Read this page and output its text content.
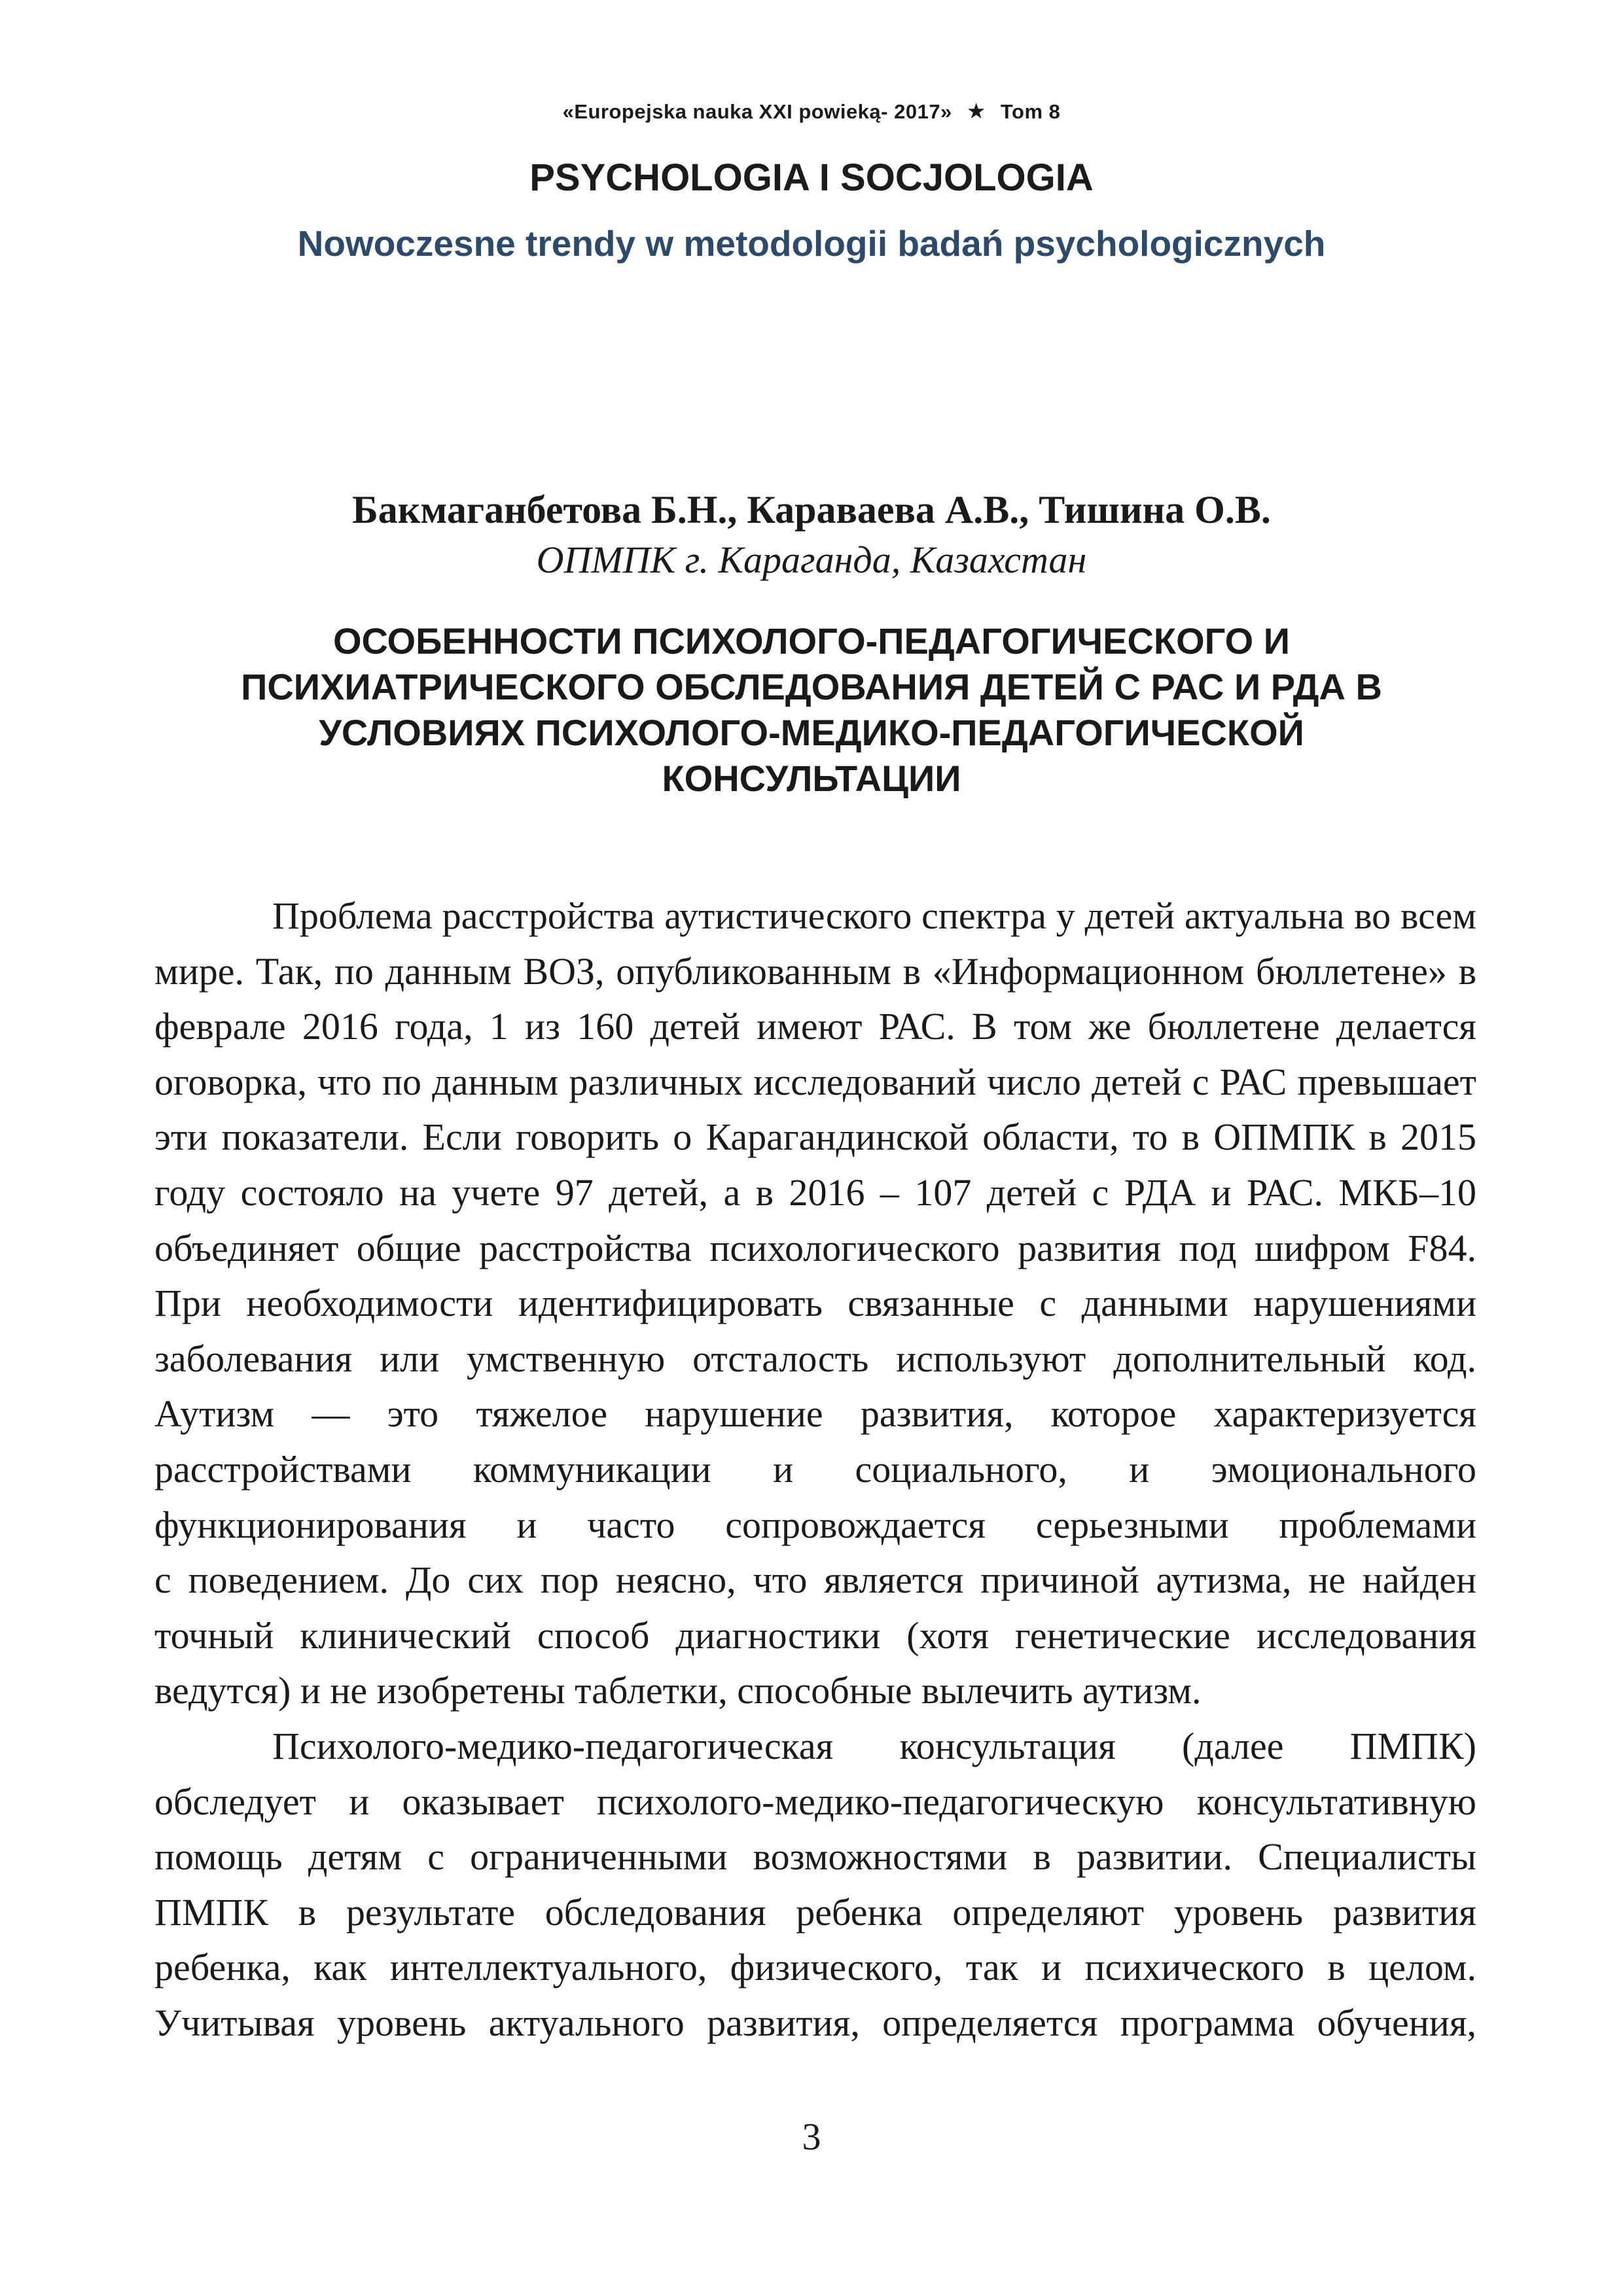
«Europejska nauka XXI powieką- 2017» ★ Tom 8
PSYCHOLOGIA I SOCJOLOGIA
Nowoczesne trendy w metodologii badań psychologicznych
Бакмаганбетова Б.Н., Караваева А.В., Тишина О.В.
ОПМПК г. Караганда, Казахстан
ОСОБЕННОСТИ ПСИХОЛОГО-ПЕДАГОГИЧЕСКОГО И
ПСИХИАТРИЧЕСКОГО ОБСЛЕДОВАНИЯ ДЕТЕЙ С РАС И РДА В
УСЛОВИЯХ ПСИХОЛОГО-МЕДИКО-ПЕДАГОГИЧЕСКОЙ
КОНСУЛЬТАЦИИ
Проблема расстройства аутистического спектра у детей актуальна во всем
мире. Так, по данным ВОЗ, опубликованным в «Информационном бюллетене» в
феврале 2016 года, 1 из 160 детей имеют РАС. В том же бюллетене делается
оговорка, что по данным различных исследований число детей с РАС превышает
эти показатели. Если говорить о Карагандинской области, то в ОПМПК в 2015
году состояло на учете 97 детей, а в 2016 – 107 детей с РДА и РАС. МКБ–10
объединяет общие расстройства психологического развития под шифром F84.
При необходимости идентифицировать связанные с данными нарушениями
заболевания или умственную отсталость используют дополнительный код.
Аутизм — это тяжелое нарушение развития, которое характеризуется
расстройствами коммуникации и социального, и эмоционального
функционирования и часто сопровождается серьезными проблемами
с поведением. До сих пор неясно, что является причиной аутизма, не найден
точный клинический способ диагностики (хотя генетические исследования
ведутся) и не изобретены таблетки, способные вылечить аутизм.
Психолого-медико-педагогическая консультация (далее ПМПК)
обследует и оказывает психолого-медико-педагогическую консультативную
помощь детям с ограниченными возможностями в развитии. Специалисты
ПМПК в результате обследования ребенка определяют уровень развития
ребенка, как интеллектуального, физического, так и психического в целом.
Учитывая уровень актуального развития, определяется программа обучения,
3
